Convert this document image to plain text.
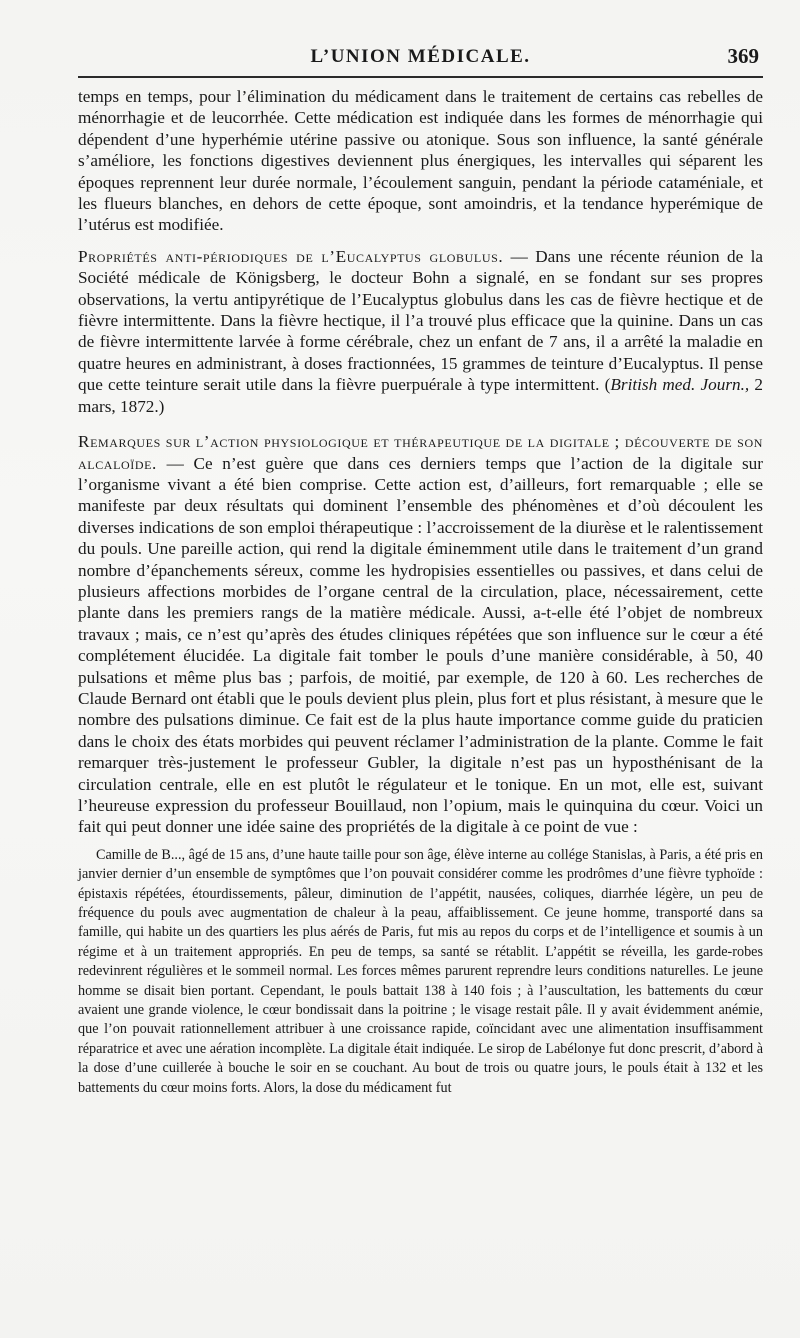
L’UNION MÉDICALE.	369

temps en temps, pour l’élimination du médicament dans le traitement de certains cas rebelles de ménorrhagie et de leucorrhée. Cette médication est indiquée dans les formes de ménorrhagie qui dépendent d’une hyperhémie utérine passive ou atonique. Sous son influence, la santé générale s’améliore, les fonctions digestives deviennent plus énergiques, les intervalles qui séparent les époques reprennent leur durée normale, l’écoulement sanguin, pendant la période cataméniale, et les flueurs blanches, en dehors de cette époque, sont amoindris, et la tendance hyperémique de l’utérus est modifiée.

Propriétés anti-périodiques de l’Eucalyptus globulus. — Dans une récente réunion de la Société médicale de Königsberg, le docteur Bohn a signalé, en se fondant sur ses propres observations, la vertu antipyrétique de l’Eucalyptus globulus dans les cas de fièvre hectique et de fièvre intermittente. Dans la fièvre hectique, il l’a trouvé plus efficace que la quinine. Dans un cas de fièvre intermittente larvée à forme cérébrale, chez un enfant de 7 ans, il a arrêté la maladie en quatre heures en administrant, à doses fractionnées, 15 grammes de teinture d’Eucalyptus. Il pense que cette teinture serait utile dans la fièvre puerpuérale à type intermittent. (British med. Journ., 2 mars, 1872.)

Remarques sur l’action physiologique et thérapeutique de la digitale ; découverte de son alcaloïde. — Ce n’est guère que dans ces derniers temps que l’action de la digitale sur l’organisme vivant a été bien comprise. Cette action est, d’ailleurs, fort remarquable ; elle se manifeste par deux résultats qui dominent l’ensemble des phénomènes et d’où découlent les diverses indications de son emploi thérapeutique : l’accroissement de la diurèse et le ralentissement du pouls. Une pareille action, qui rend la digitale éminemment utile dans le traitement d’un grand nombre d’épanchements séreux, comme les hydropisies essentielles ou passives, et dans celui de plusieurs affections morbides de l’organe central de la circulation, place, nécessairement, cette plante dans les premiers rangs de la matière médicale. Aussi, a-t-elle été l’objet de nombreux travaux ; mais, ce n’est qu’après des études cliniques répétées que son influence sur le cœur a été complétement élucidée. La digitale fait tomber le pouls d’une manière considérable, à 50, 40 pulsations et même plus bas ; parfois, de moitié, par exemple, de 120 à 60. Les recherches de Claude Bernard ont établi que le pouls devient plus plein, plus fort et plus résistant, à mesure que le nombre des pulsations diminue. Ce fait est de la plus haute importance comme guide du praticien dans le choix des états morbides qui peuvent réclamer l’administration de la plante. Comme le fait remarquer très-justement le professeur Gubler, la digitale n’est pas un hyposthénisant de la circulation centrale, elle en est plutôt le régulateur et le tonique. En un mot, elle est, suivant l’heureuse expression du professeur Bouillaud, non l’opium, mais le quinquina du cœur. Voici un fait qui peut donner une idée saine des propriétés de la digitale à ce point de vue :

Camille de B..., âgé de 15 ans, d’une haute taille pour son âge, élève interne au collége Stanislas, à Paris, a été pris en janvier dernier d’un ensemble de symptômes que l’on pouvait considérer comme les prodrômes d’une fièvre typhoïde : épistaxis répétées, étourdissements, pâleur, diminution de l’appétit, nausées, coliques, diarrhée légère, un peu de fréquence du pouls avec augmentation de chaleur à la peau, affaiblissement. Ce jeune homme, transporté dans sa famille, qui habite un des quartiers les plus aérés de Paris, fut mis au repos du corps et de l’intelligence et soumis à un régime et à un traitement appropriés. En peu de temps, sa santé se rétablit. L’appétit se réveilla, les garde-robes redevinrent régulières et le sommeil normal. Les forces mêmes parurent reprendre leurs conditions naturelles. Le jeune homme se disait bien portant. Cependant, le pouls battait 138 à 140 fois ; à l’auscultation, les battements du cœur avaient une grande violence, le cœur bondissait dans la poitrine ; le visage restait pâle. Il y avait évidemment anémie, que l’on pouvait rationnellement attribuer à une croissance rapide, coïncidant avec une alimentation insuffisamment réparatrice et avec une aération incomplète. La digitale était indiquée. Le sirop de Labélonye fut donc prescrit, d’abord à la dose d’une cuillerée à bouche le soir en se couchant. Au bout de trois ou quatre jours, le pouls était à 132 et les battements du cœur moins forts. Alors, la dose du médicament fut
